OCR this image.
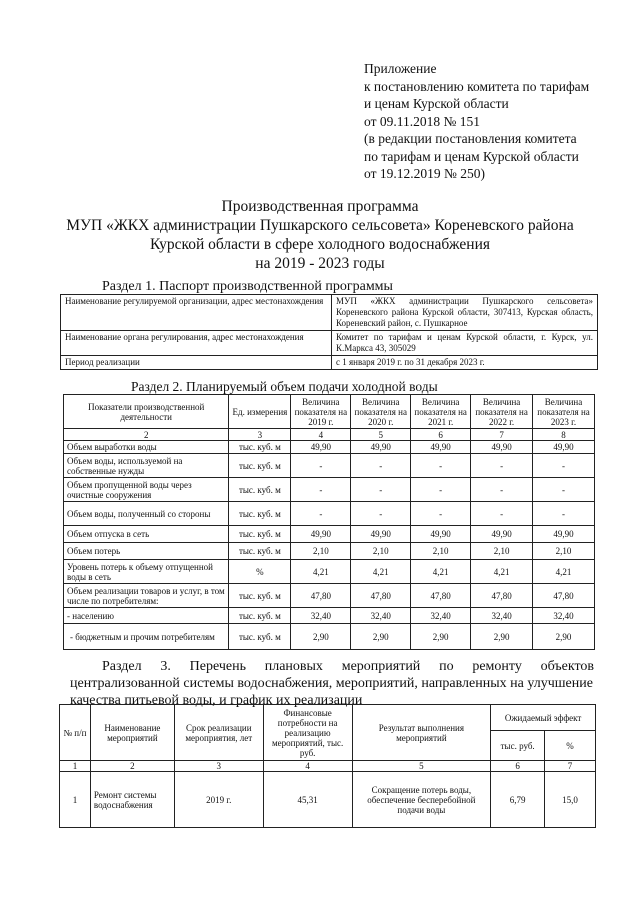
Приложение
к постановлению комитета по тарифам
и ценам Курской области
от 09.11.2018 № 151
(в редакции постановления комитета
по тарифам и ценам Курской области
от 19.12.2019 № 250)
Производственная программа
МУП «ЖКХ администрации Пушкарского сельсовета» Кореневского района
Курской области в сфере холодного водоснабжения
на 2019 - 2023 годы
Раздел 1. Паспорт производственной программы
Наименование регулируемой организации, адрес местонахождения	МУП «ЖКХ администрации Пушкарского сельсовета» Кореневского района Курской области, 307413, Курская область, Кореневский район, с. Пушкарное
Наименование органа регулирования, адрес местонахождения	Комитет по тарифам и ценам Курской области, г. Курск, ул. К.Маркса 43, 305029
Период реализации	с 1 января 2019 г. по 31 декабря 2023 г.
Раздел 2. Планируемый объем подачи холодной воды
Показатели производственной деятельности	Ед. измерения	Величина показателя на 2019 г.	Величина показателя на 2020 г.	Величина показателя на 2021 г.	Величина показателя на 2022 г.	Величина показателя на 2023 г.
2	3	4	5	6	7	8
Объем выработки воды	тыс. куб. м	49,90	49,90	49,90	49,90	49,90
Объем воды, используемой на собственные нужды	тыс. куб. м	-	-	-	-	-
Объем пропущенной воды через очистные сооружения	тыс. куб. м	-	-	-	-	-
Объем воды, полученный со стороны	тыс. куб. м	-	-	-	-	-
Объем отпуска в сеть	тыс. куб. м	49,90	49,90	49,90	49,90	49,90
Объем потерь	тыс. куб. м	2,10	2,10	2,10	2,10	2,10
Уровень потерь к объему отпущенной воды в сеть	%	4,21	4,21	4,21	4,21	4,21
Объем реализации товаров и услуг, в том числе по потребителям:	тыс. куб. м	47,80	47,80	47,80	47,80	47,80
- населению	тыс. куб. м	32,40	32,40	32,40	32,40	32,40
- бюджетным и прочим потребителям	тыс. куб. м	2,90	2,90	2,90	2,90	2,90
Раздел 3. Перечень плановых мероприятий по ремонту объектов
централизованной системы водоснабжения, мероприятий, направленных на улучшение
качества питьевой воды, и график их реализации
№ п/п	Наименование мероприятий	Срок реализации мероприятия, лет	Финансовые потребности на реализацию мероприятий, тыс. руб.	Результат выполнения мероприятий	Ожидаемый эффект	
					тыс. руб.	%
1	2	3	4	5	6	7
1	Ремонт системы водоснабжения	2019 г.	45,31	Сокращение потерь воды, обеспечение бесперебойной подачи воды	6,79	15,0
